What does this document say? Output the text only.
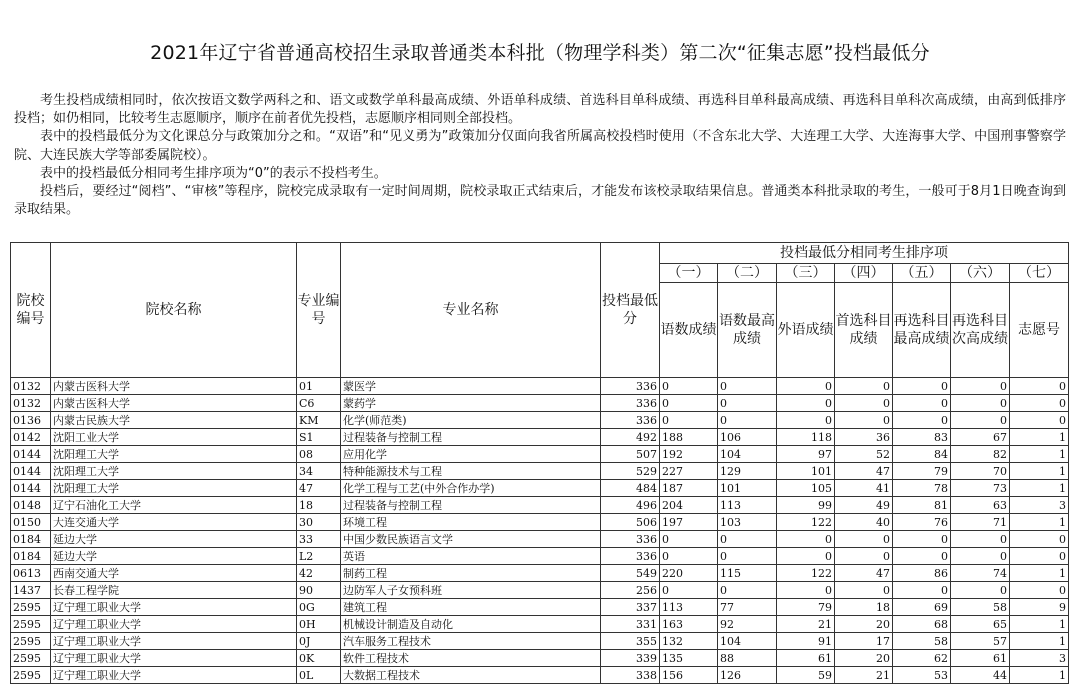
2021年辽宁省普通高校招生录取普通类本科批（物理学科类）第二次“征集志愿”投档最低分

考生投档成绩相同时，依次按语文数学两科之和、语文或数学单科最高成绩、外语单科成绩、首选科目单科成绩、再选科目单科最高成绩、再选科目单科次高成绩，由高到低排序投档；如仍相同，比较考生志愿顺序，顺序在前者优先投档，志愿顺序相同则全部投档。

表中的投档最低分为文化课总分与政策加分之和。“双语”和“见义勇为”政策加分仅面向我省所属高校投档时使用（不含东北大学、大连理工大学、大连海事大学、中国刑事警察学院、大连民族大学等部委属院校）。

表中的投档最低分相同考生排序项为“0”的表示不投档考生。

投档后，要经过“阅档”、“审核”等程序，院校完成录取有一定时间周期，院校录取正式结束后，才能发布该校录取结果信息。普通类本科批录取的考生，一般可于8月1日晚查询到录取结果。

院校编号	院校名称	专业编号	专业名称	投档最低分	投档最低分相同考生排序项						
					（一）	（二）	（三）	（四）	（五）	（六）	（七）
					语数成绩	语数最高成绩	外语成绩	首选科目成绩	再选科目最高成绩	再选科目次高成绩	志愿号
0132	内蒙古医科大学	01	蒙医学	336	0	0	0	0	0	0	0
0132	内蒙古医科大学	C6	蒙药学	336	0	0	0	0	0	0	0
0136	内蒙古民族大学	KM	化学(师范类)	336	0	0	0	0	0	0	0
0142	沈阳工业大学	S1	过程装备与控制工程	492	188	106	118	36	83	67	1
0144	沈阳理工大学	08	应用化学	507	192	104	97	52	84	82	1
0144	沈阳理工大学	34	特种能源技术与工程	529	227	129	101	47	79	70	1
0144	沈阳理工大学	47	化学工程与工艺(中外合作办学)	484	187	101	105	41	78	73	1
0148	辽宁石油化工大学	18	过程装备与控制工程	496	204	113	99	49	81	63	3
0150	大连交通大学	30	环境工程	506	197	103	122	40	76	71	1
0184	延边大学	33	中国少数民族语言文学	336	0	0	0	0	0	0	0
0184	延边大学	L2	英语	336	0	0	0	0	0	0	0
0613	西南交通大学	42	制药工程	549	220	115	122	47	86	74	1
1437	长春工程学院	90	边防军人子女预科班	256	0	0	0	0	0	0	0
2595	辽宁理工职业大学	0G	建筑工程	337	113	77	79	18	69	58	9
2595	辽宁理工职业大学	0H	机械设计制造及自动化	331	163	92	21	20	68	65	1
2595	辽宁理工职业大学	0J	汽车服务工程技术	355	132	104	91	17	58	57	1
2595	辽宁理工职业大学	0K	软件工程技术	339	135	88	61	20	62	61	3
2595	辽宁理工职业大学	0L	大数据工程技术	338	156	126	59	21	53	44	1
